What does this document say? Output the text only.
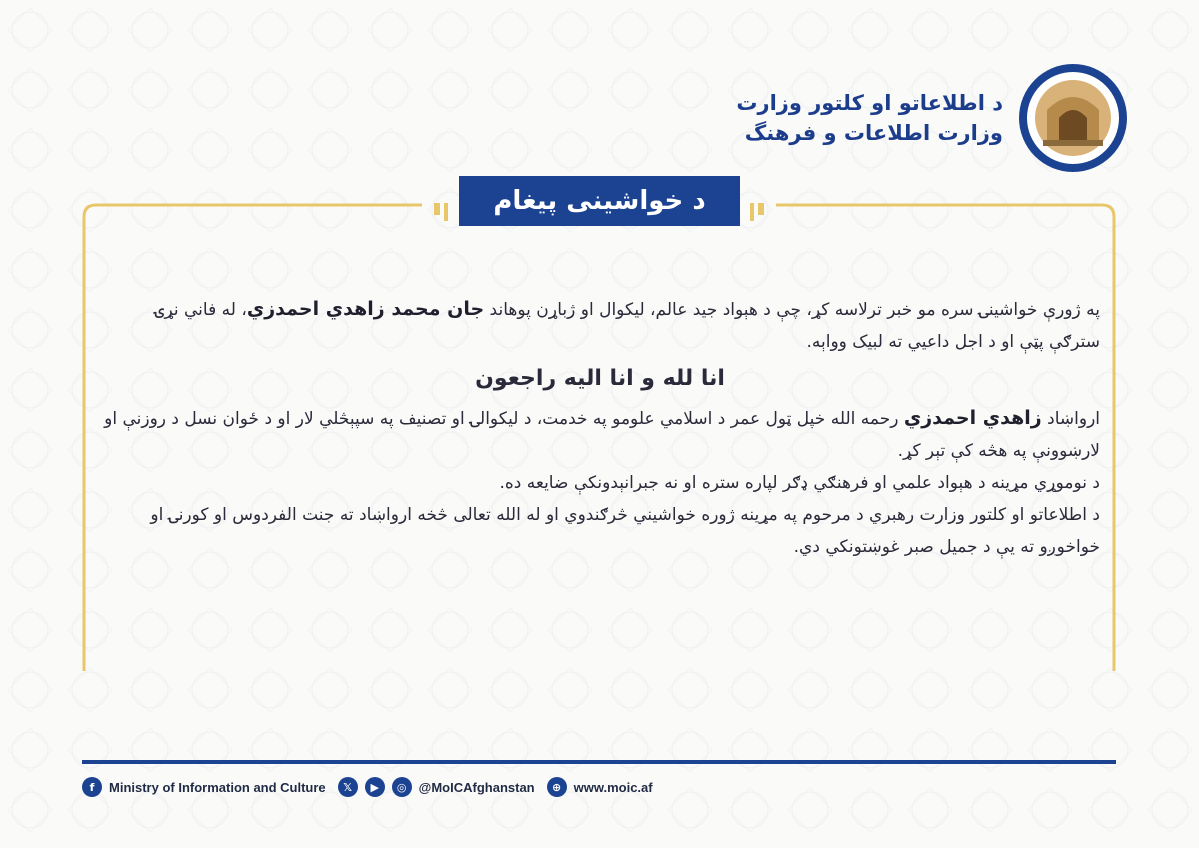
د اطلاعاتو او کلتور وزارت
وزارت اطلاعات و فرهنگ
د خواشینی پیغام

په ژورې خواشینۍ سره مو خبر ترلاسه کړ، چې د هېواد جید عالم، لیکوال او ژباړن پوهاند جان محمد زاهدي احمدزي، له فاني نړۍ سترګې پټې او د اجل داعيي ته لبیک وواېه.

انا لله و انا اليه راجعون

ارواښاد زاهدي احمدزي رحمه الله خپل ټول عمر د اسلامي علومو په خدمت، د لیکوالۍ او تصنیف په سپېڅلي لار او د ځوان نسل د روزنې او لارښوونې په هڅه کې تېر کړ.

د نوموړي مړینه د هېواد علمي او فرهنګي ډګر لپاره ستره او نه جبرانېدونکې ضایعه ده.

د اطلاعاتو او کلتور وزارت رهبري د مرحوم په مړینه ژوره خواشیني څرګندوي او له الله تعالی څخه ارواښاد ته جنت الفردوس او کورنۍ او خواخوږو ته یې د جمیل صبر غوښتونکي دي.

f	Ministry of Information and Culture	𝕏	▶	◎ @MoICAfghanstan	⊕ www.moic.af
